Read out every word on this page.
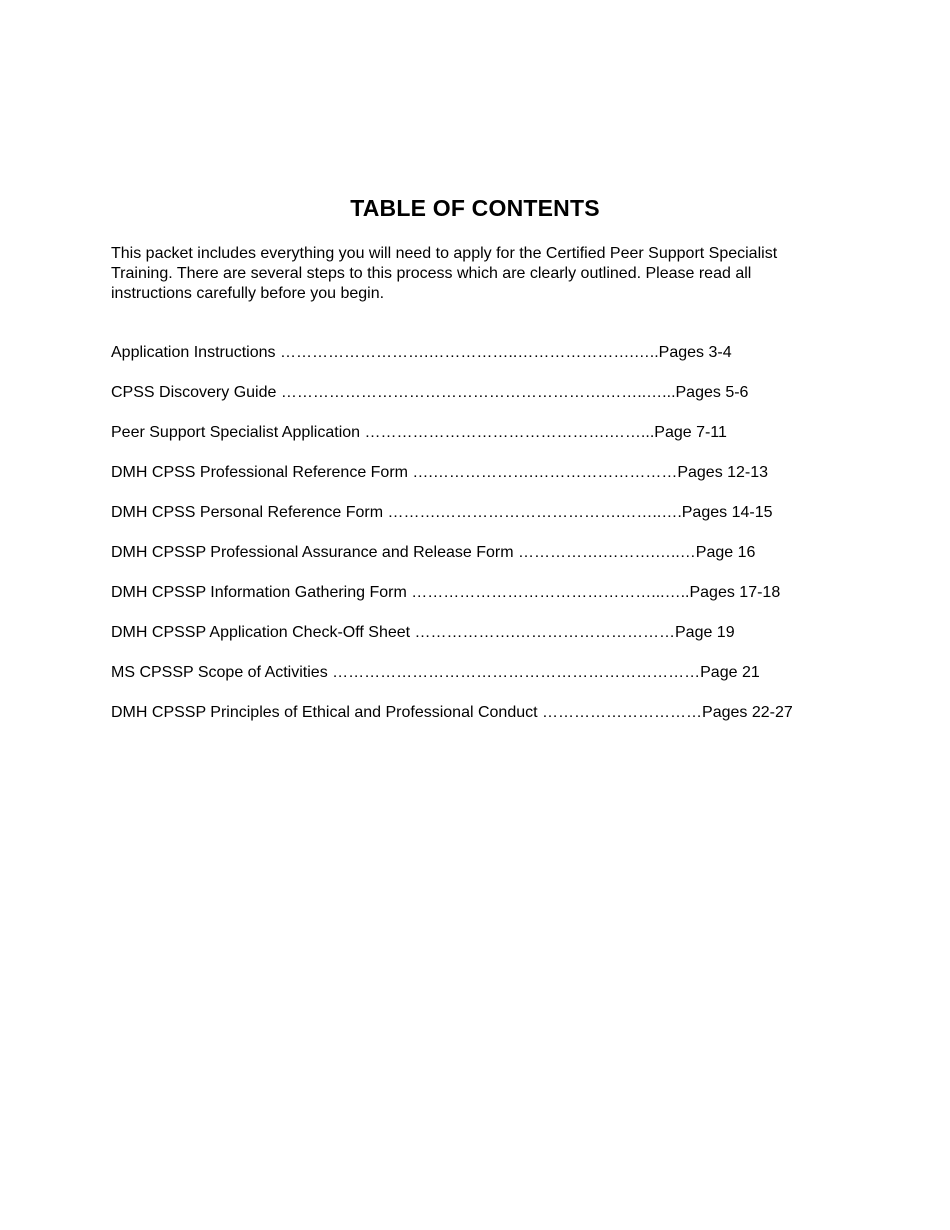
TABLE OF CONTENTS

This packet includes everything you will need to apply for the Certified Peer Support Specialist

Training. There are several steps to this process which are clearly outlined. Please read all

instructions carefully before you begin.

Application Instructions ……………………….……………..………………….…..Pages 3-4
CPSS Discovery Guide …………………………………………………….……..…...Pages 5-6
Peer Support Specialist Application ……………………………………….……...Page 7-11
DMH CPSS Professional Reference Form ….……………….………………………Pages 12-13
DMH CPSS Personal Reference Form ……….…………………………….……..….Pages 14-15
DMH CPSSP Professional Assurance and Release Form …………….……….…..…Page 16
DMH CPSSP Information Gathering Form ………………………………………...…..Pages 17-18
DMH CPSSP Application Check-Off Sheet ……………….…………………………Page 19
MS CPSSP Scope of Activities ……………………………………………………………Page 21
DMH CPSSP Principles of Ethical and Professional Conduct …………………………Pages 22-27
